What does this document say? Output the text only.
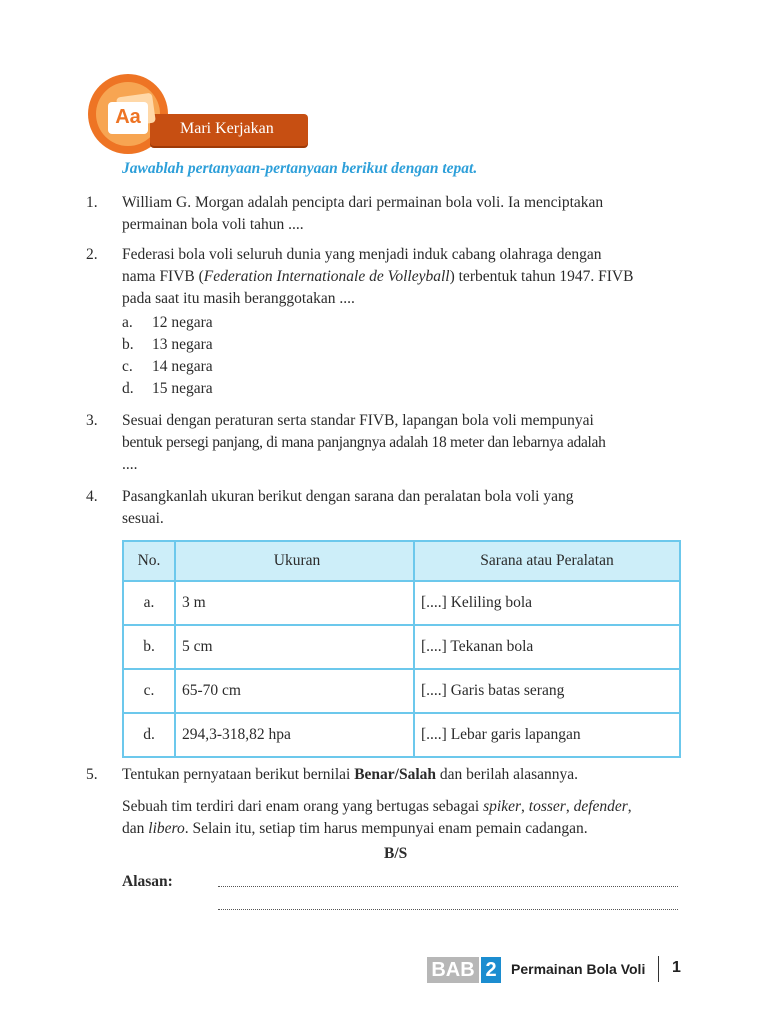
Aa
Mari Kerjakan
Jawablah pertanyaan-pertanyaan berikut dengan tepat.
1.	William G. Morgan adalah pencipta dari permainan bola voli. Ia menciptakan
permainan bola voli tahun ....
2.	Federasi bola voli seluruh dunia yang menjadi induk cabang olahraga dengan
nama FIVB (Federation Internationale de Volleyball) terbentuk tahun 1947. FIVB
pada saat itu masih beranggotakan ....
a. 12 negara
b. 13 negara
c. 14 negara
d. 15 negara
3.	Sesuai dengan peraturan serta standar FIVB, lapangan bola voli mempunyai
bentuk persegi panjang, di mana panjangnya adalah 18 meter dan lebarnya adalah
....
4.	Pasangkanlah ukuran berikut dengan sarana dan peralatan bola voli yang
sesuai.
No.	Ukuran	Sarana atau Peralatan
a.	3 m	[....] Keliling bola
b.	5 cm	[....] Tekanan bola
c.	65-70 cm	[....] Garis batas serang
d.	294,3-318,82 hpa	[....] Lebar garis lapangan
5.	Tentukan pernyataan berikut bernilai Benar/Salah dan berilah alasannya.
Sebuah tim terdiri dari enam orang yang bertugas sebagai spiker, tosser, defender,
dan libero. Selain itu, setiap tim harus mempunyai enam pemain cadangan.
B/S
Alasan:
BAB 2	Permainan Bola Voli 1
